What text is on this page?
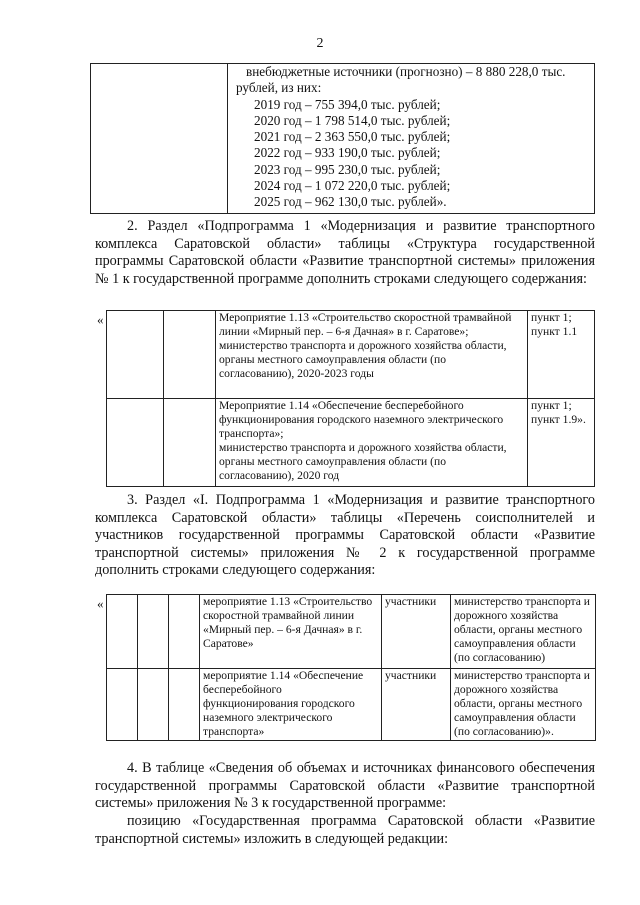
2

внебюджетные источники (прогнозно) – 8 880 228,0 тыс.
рублей, из них:
2019 год – 755 394,0 тыс. рублей;
2020 год – 1 798 514,0 тыс. рублей;
2021 год – 2 363 550,0 тыс. рублей;
2022 год – 933 190,0 тыс. рублей;
2023 год – 995 230,0 тыс. рублей;
2024 год – 1 072 220,0 тыс. рублей;
2025 год – 962 130,0 тыс. рублей».

2. Раздел «Подпрограмма 1 «Модернизация и развитие транспортного комплекса Саратовской области» таблицы «Структура государственной программы Саратовской области «Развитие транспортной системы» приложения № 1 к государственной программе дополнить строками следующего содержания:

«

		Мероприятие 1.13 «Строительство скоростной трамвайной линии «Мирный пер. – 6-я Дачная» в г. Саратове»;
министерство транспорта и дорожного хозяйства области, органы местного самоуправления области (по согласованию), 2020-2023 годы	пункт 1; пункт 1.1

		Мероприятие 1.14 «Обеспечение бесперебойного функционирования городского наземного электрического транспорта»;
министерство транспорта и дорожного хозяйства области, органы местного самоуправления области (по согласованию), 2020 год	пункт 1; пункт 1.9».

3. Раздел «I. Подпрограмма 1 «Модернизация и развитие транспортного комплекса Саратовской области» таблицы «Перечень соисполнителей и участников государственной программы Саратовской области «Развитие транспортной системы» приложения № 2 к государственной программе дополнить строками следующего содержания:

«
				мероприятие 1.13 «Строительство скоростной трамвайной линии «Мирный пер. – 6-я Дачная» в г. Саратове»	участники	министерство транспорта и дорожного хозяйства области, органы местного самоуправления области (по согласованию)
			мероприятие 1.14 «Обеспечение бесперебойного функционирования городского наземного электрического транспорта»	участники	министерство транспорта и дорожного хозяйства области, органы местного самоуправления области (по согласованию)».

4. В таблице «Сведения об объемах и источниках финансового обеспечения государственной программы Саратовской области «Развитие транспортной системы» приложения № 3 к государственной программе:

позицию «Государственная программа Саратовской области «Развитие транспортной системы» изложить в следующей редакции:
